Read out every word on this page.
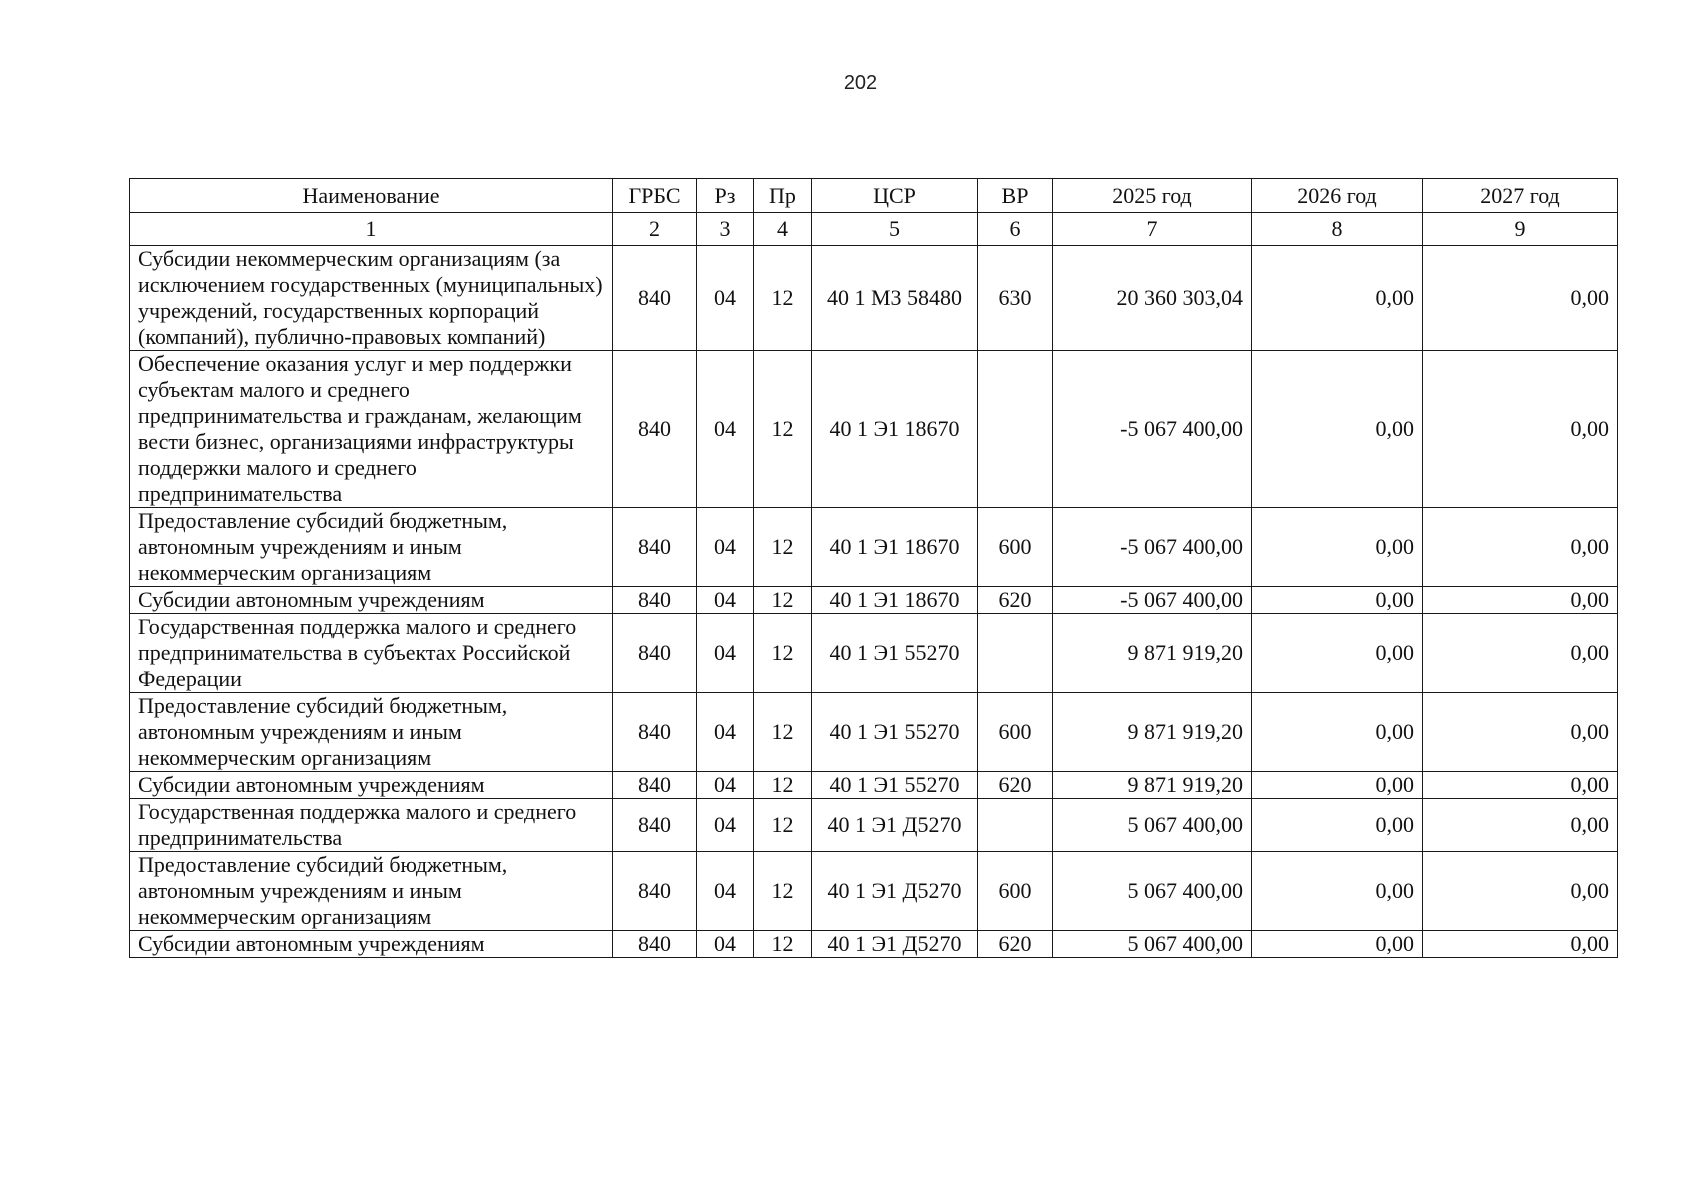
202
Наименование	ГРБС	Рз	Пр	ЦСР	ВР	2025 год	2026 год	2027 год
1	2	3	4	5	6	7	8	9
Субсидии некоммерческим организациям (за исключением государственных (муниципальных) учреждений, государственных корпораций (компаний), публично-правовых компаний)	840	04	12	40 1 М3 58480	630	20 360 303,04	0,00	0,00
Обеспечение оказания услуг и мер поддержки субъектам малого и среднего предпринимательства и гражданам, желающим вести бизнес, организациями инфраструктуры поддержки малого и среднего предпринимательства	840	04	12	40 1 Э1 18670		-5 067 400,00	0,00	0,00
Предоставление субсидий бюджетным, автономным учреждениям и иным некоммерческим организациям	840	04	12	40 1 Э1 18670	600	-5 067 400,00	0,00	0,00
Субсидии автономным учреждениям	840	04	12	40 1 Э1 18670	620	-5 067 400,00	0,00	0,00
Государственная поддержка малого и среднего предпринимательства в субъектах Российской Федерации	840	04	12	40 1 Э1 55270		9 871 919,20	0,00	0,00
Предоставление субсидий бюджетным, автономным учреждениям и иным некоммерческим организациям	840	04	12	40 1 Э1 55270	600	9 871 919,20	0,00	0,00
Субсидии автономным учреждениям	840	04	12	40 1 Э1 55270	620	9 871 919,20	0,00	0,00
Государственная поддержка малого и среднего предпринимательства	840	04	12	40 1 Э1 Д5270		5 067 400,00	0,00	0,00
Предоставление субсидий бюджетным, автономным учреждениям и иным некоммерческим организациям	840	04	12	40 1 Э1 Д5270	600	5 067 400,00	0,00	0,00
Субсидии автономным учреждениям	840	04	12	40 1 Э1 Д5270	620	5 067 400,00	0,00	0,00
